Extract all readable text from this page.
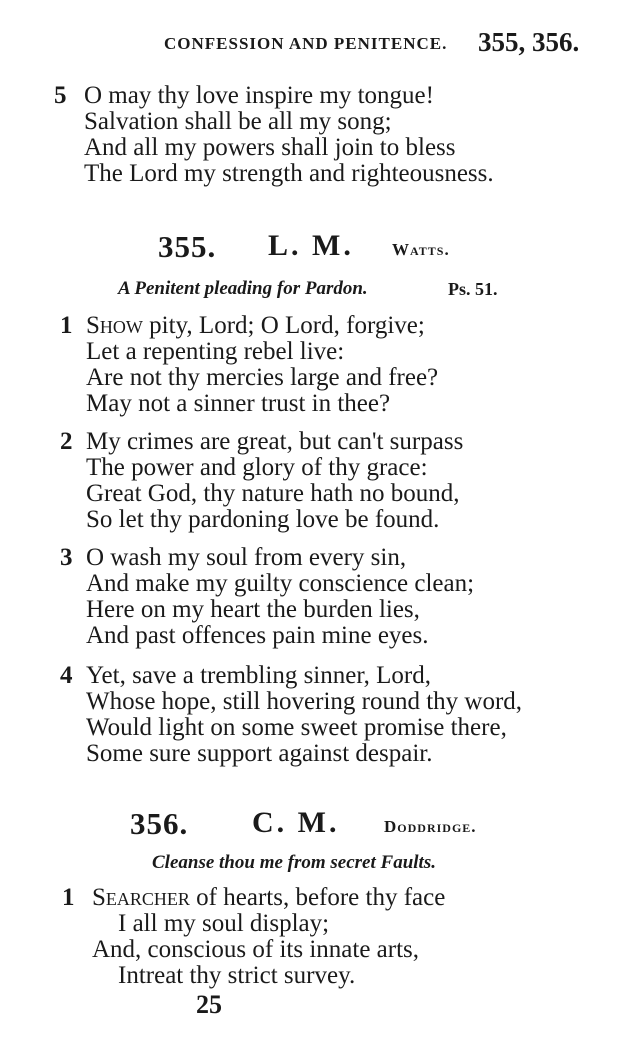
CONFESSION AND PENITENCE. 355, 356.
5 O may thy love inspire my tongue!
Salvation shall be all my song;
And all my powers shall join to bless
The Lord my strength and righteousness.
355. L. M. Watts.
A Penitent pleading for Pardon.	Ps. 51.
1 Show pity, Lord; O Lord, forgive;
Let a repenting rebel live:
Are not thy mercies large and free?
May not a sinner trust in thee?
2 My crimes are great, but can't surpass
The power and glory of thy grace:
Great God, thy nature hath no bound,
So let thy pardoning love be found.
3 O wash my soul from every sin,
And make my guilty conscience clean;
Here on my heart the burden lies,
And past offences pain mine eyes.
4 Yet, save a trembling sinner, Lord,
Whose hope, still hovering round thy word,
Would light on some sweet promise there,
Some sure support against despair.
356. C. M.	Doddridge.
Cleanse thou me from secret Faults.
1 Searcher of hearts, before thy face
I all my soul display;
And, conscious of its innate arts,
Intreat thy strict survey.
25
